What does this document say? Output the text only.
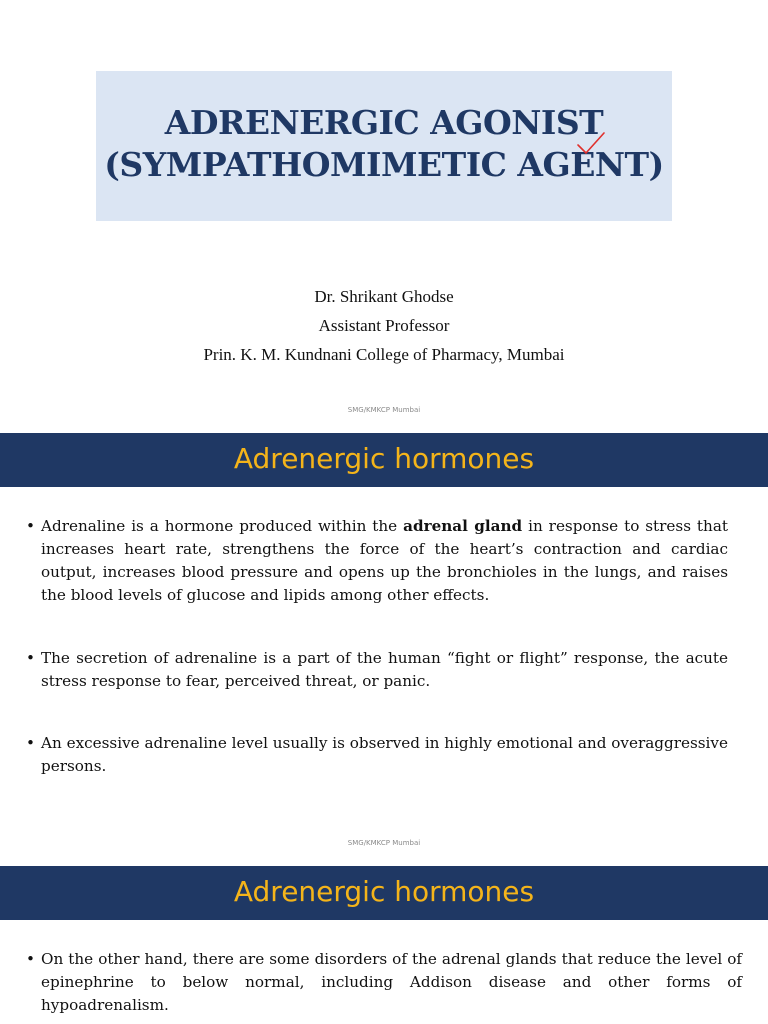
ADRENERGIC AGONIST
(SYMPATHOMIMETIC AGENT)
Dr. Shrikant Ghodse
Assistant Professor
Prin. K. M. Kundnani College of Pharmacy, Mumbai
SMG/KMKCP Mumbai
Adrenergic hormones
• Adrenaline is a hormone produced within the adrenal gland in response to stress that increases heart rate, strengthens the force of the heart’s contraction and cardiac output, increases blood pressure and opens up the bronchioles in the lungs, and raises the blood levels of glucose and lipids among other effects.
• The secretion of adrenaline is a part of the human “fight or flight” response, the acute stress response to fear, perceived threat, or panic.
• An excessive adrenaline level usually is observed in highly emotional and overaggressive persons.
SMG/KMKCP Mumbai
Adrenergic hormones
• On the other hand, there are some disorders of the adrenal glands that reduce the level of epinephrine to below normal, including Addison disease and other forms of hypoadrenalism.
